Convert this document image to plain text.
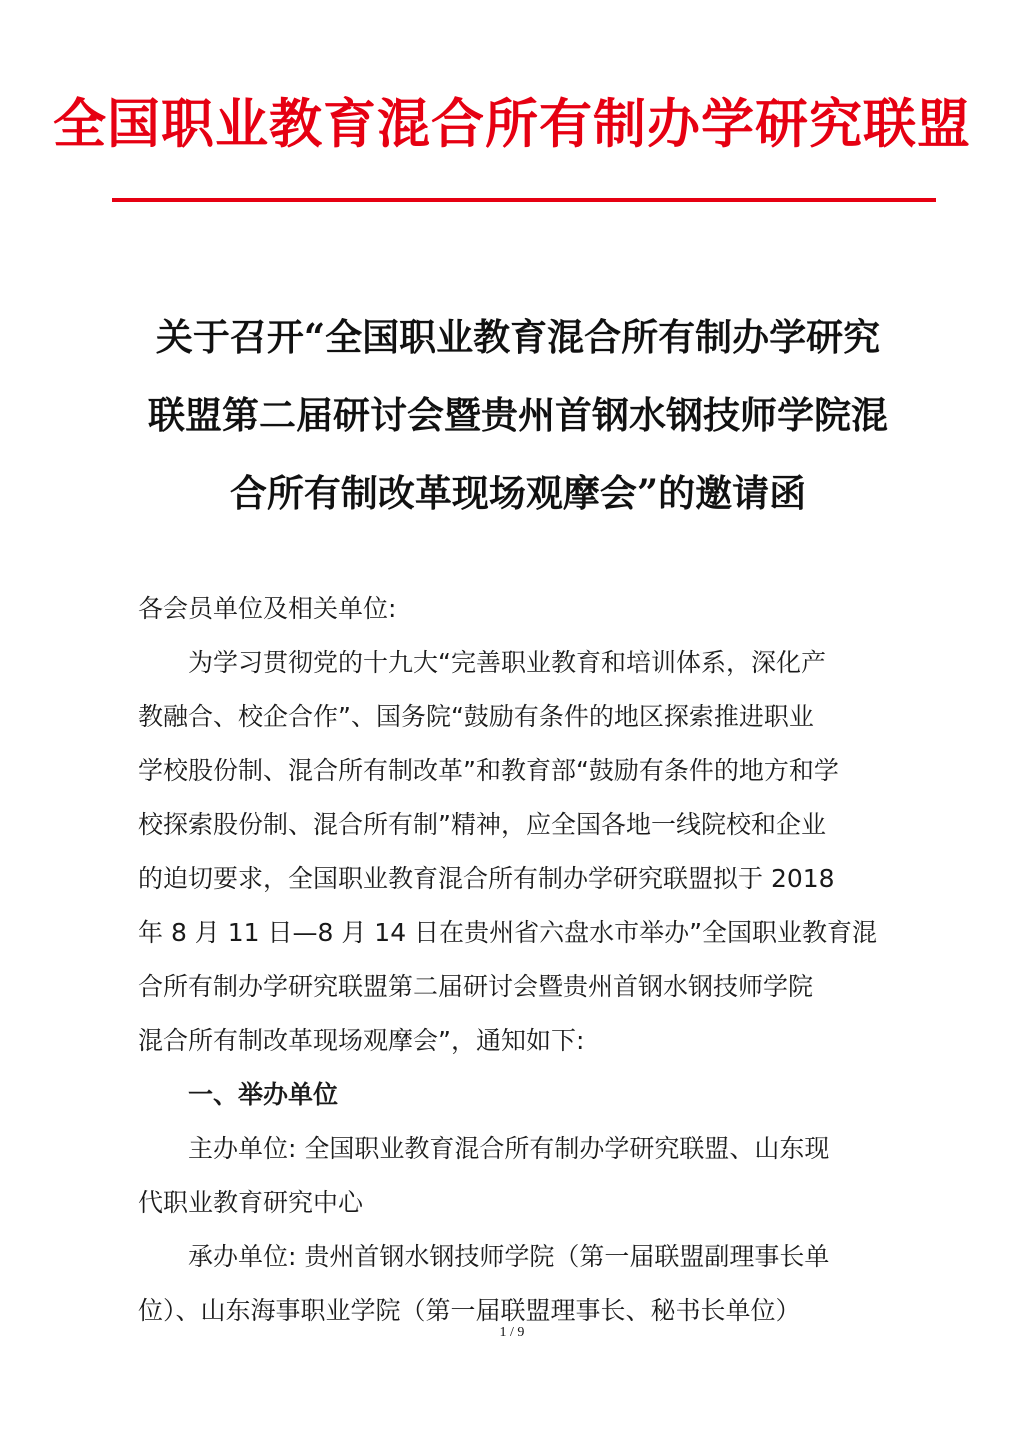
全国职业教育混合所有制办学研究联盟
关于召开“全国职业教育混合所有制办学研究
联盟第二届研讨会暨贵州首钢水钢技师学院混
合所有制改革现场观摩会”的邀请函
各会员单位及相关单位:
为学习贯彻党的十九大“完善职业教育和培训体系，深化产
教融合、校企合作”、国务院“鼓励有条件的地区探索推进职业
学校股份制、混合所有制改革”和教育部“鼓励有条件的地方和学
校探索股份制、混合所有制”精神，应全国各地一线院校和企业
的迫切要求，全国职业教育混合所有制办学研究联盟拟于 2018
年 8 月 11 日—8 月 14 日在贵州省六盘水市举办”全国职业教育混
合所有制办学研究联盟第二届研讨会暨贵州首钢水钢技师学院
混合所有制改革现场观摩会”，通知如下:
一、举办单位
主办单位: 全国职业教育混合所有制办学研究联盟、山东现
代职业教育研究中心
承办单位: 贵州首钢水钢技师学院（第一届联盟副理事长单
位）、山东海事职业学院（第一届联盟理事长、秘书长单位）
1 / 9
